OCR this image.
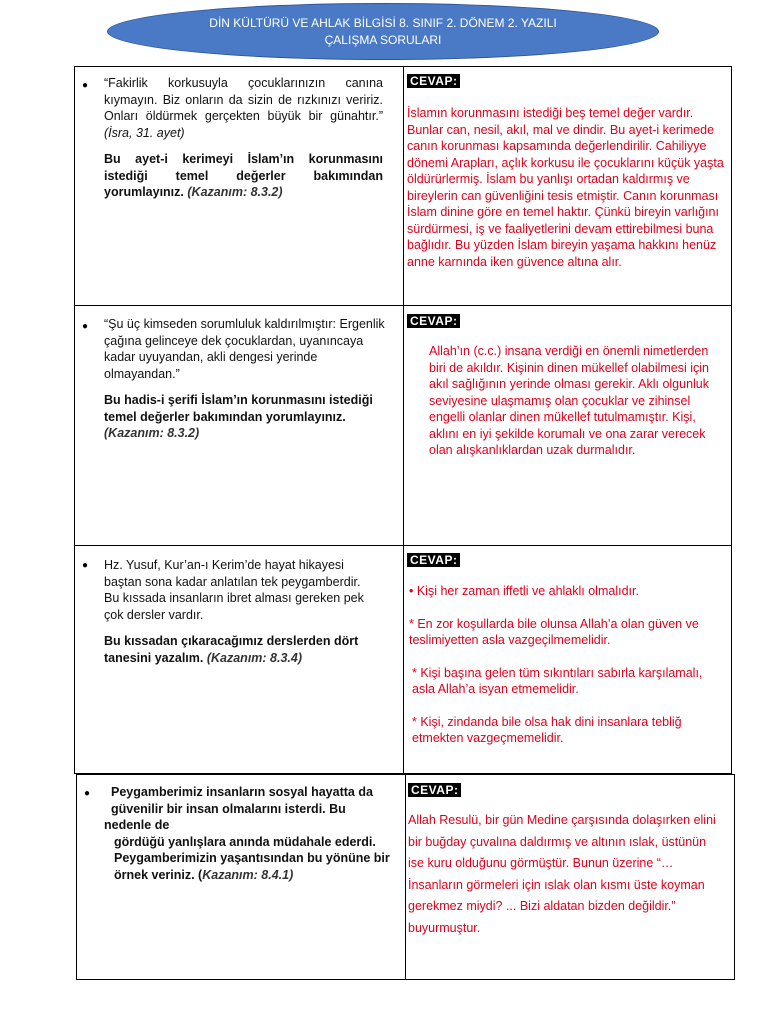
DİN KÜLTÜRÜ VE AHLAK BİLGİSİ 8. SINIF 2. DÖNEM 2. YAZILI
ÇALIŞMA SORULARI
● “Fakirlik korkusuyla çocuklarınızın canına kıymayın. Biz onların da sizin de rızkınızı veririz. Onları öldürmek gerçekten büyük bir günahtır.” (İsra, 31. ayet)

Bu ayet-i kerimeyi İslam’ın korunmasını istediği temel değerler bakımından yorumlayınız. (Kazanım: 8.3.2)

CEVAP:

İslamın korunmasını istediği beş temel değer vardır. Bunlar can, nesil, akıl, mal ve dindir. Bu ayet-i kerimede canın korunması kapsamında değerlendirilir. Cahiliyye dönemi Arapları, açlık korkusu ile çocuklarını küçük yaşta öldürürlermiş. İslam bu yanlışı ortadan kaldırmış ve bireylerin can güvenliğini tesis etmiştir. Canın korunması İslam dinine göre en temel haktır. Çünkü bireyin varlığını sürdürmesi, iş ve faaliyetlerini devam ettirebilmesi buna bağlıdır. Bu yüzden İslam bireyin yaşama hakkını henüz anne karnında iken güvence altına alır.

● “Şu üç kimseden sorumluluk kaldırılmıştır: Ergenlik çağına gelinceye dek çocuklardan, uyanıncaya kadar uyuyandan, akli dengesi yerinde olmayandan.”

Bu hadis-i şerifi İslam’ın korunmasını istediği temel değerler bakımından yorumlayınız.
(Kazanım: 8.3.2)

CEVAP:

Allah’ın (c.c.) insana verdiği en önemli nimetlerden biri de akıldır. Kişinin dinen mükellef olabilmesi için akıl sağlığının yerinde olması gerekir. Aklı olgunluk seviyesine ulaşmamış olan çocuklar ve zihinsel engelli olanlar dinen mükellef tutulmamıştır. Kişi, aklını en iyi şekilde korumalı ve ona zarar verecek olan alışkanlıklardan uzak durmalıdır.

● Hz. Yusuf, Kur’an-ı Kerim’de hayat hikayesi baştan sona kadar anlatılan tek peygamberdir. Bu kıssada insanların ibret alması gereken pek çok dersler vardır.

Bu kıssadan çıkaracağımız derslerden dört tanesini yazalım. (Kazanım: 8.3.4)

CEVAP:

• Kişi her zaman iffetli ve ahlaklı olmalıdır.

* En zor koşullarda bile olunsa Allah’a olan güven ve teslimiyetten asla vazgeçilmemelidir.

* Kişi başına gelen tüm sıkıntıları sabırla karşılamalı, asla Allah’a isyan etmemelidir.

* Kişi, zindanda bile olsa hak dini insanlara tebliğ etmekten vazgeçmemelidir.

●	Peygamberimiz insanların sosyal hayatta da güvenilir bir insan olmalarını isterdi. Bu

nedenle de

gördüğü yanlışlara anında müdahale ederdi. Peygamberimizin yaşantısından bu yönüne bir örnek veriniz. (Kazanım: 8.4.1)

CEVAP:

Allah Resulü, bir gün Medine çarşısında dolaşırken elini bir buğday çuvalına daldırmış ve altının ıslak, üstünün ise kuru olduğunu görmüştür. Bunun üzerine “… İnsanların görmeleri için ıslak olan kısmı üste koyman gerekmez miydi? ... Bizi aldatan bizden değildir.” buyurmuştur.
